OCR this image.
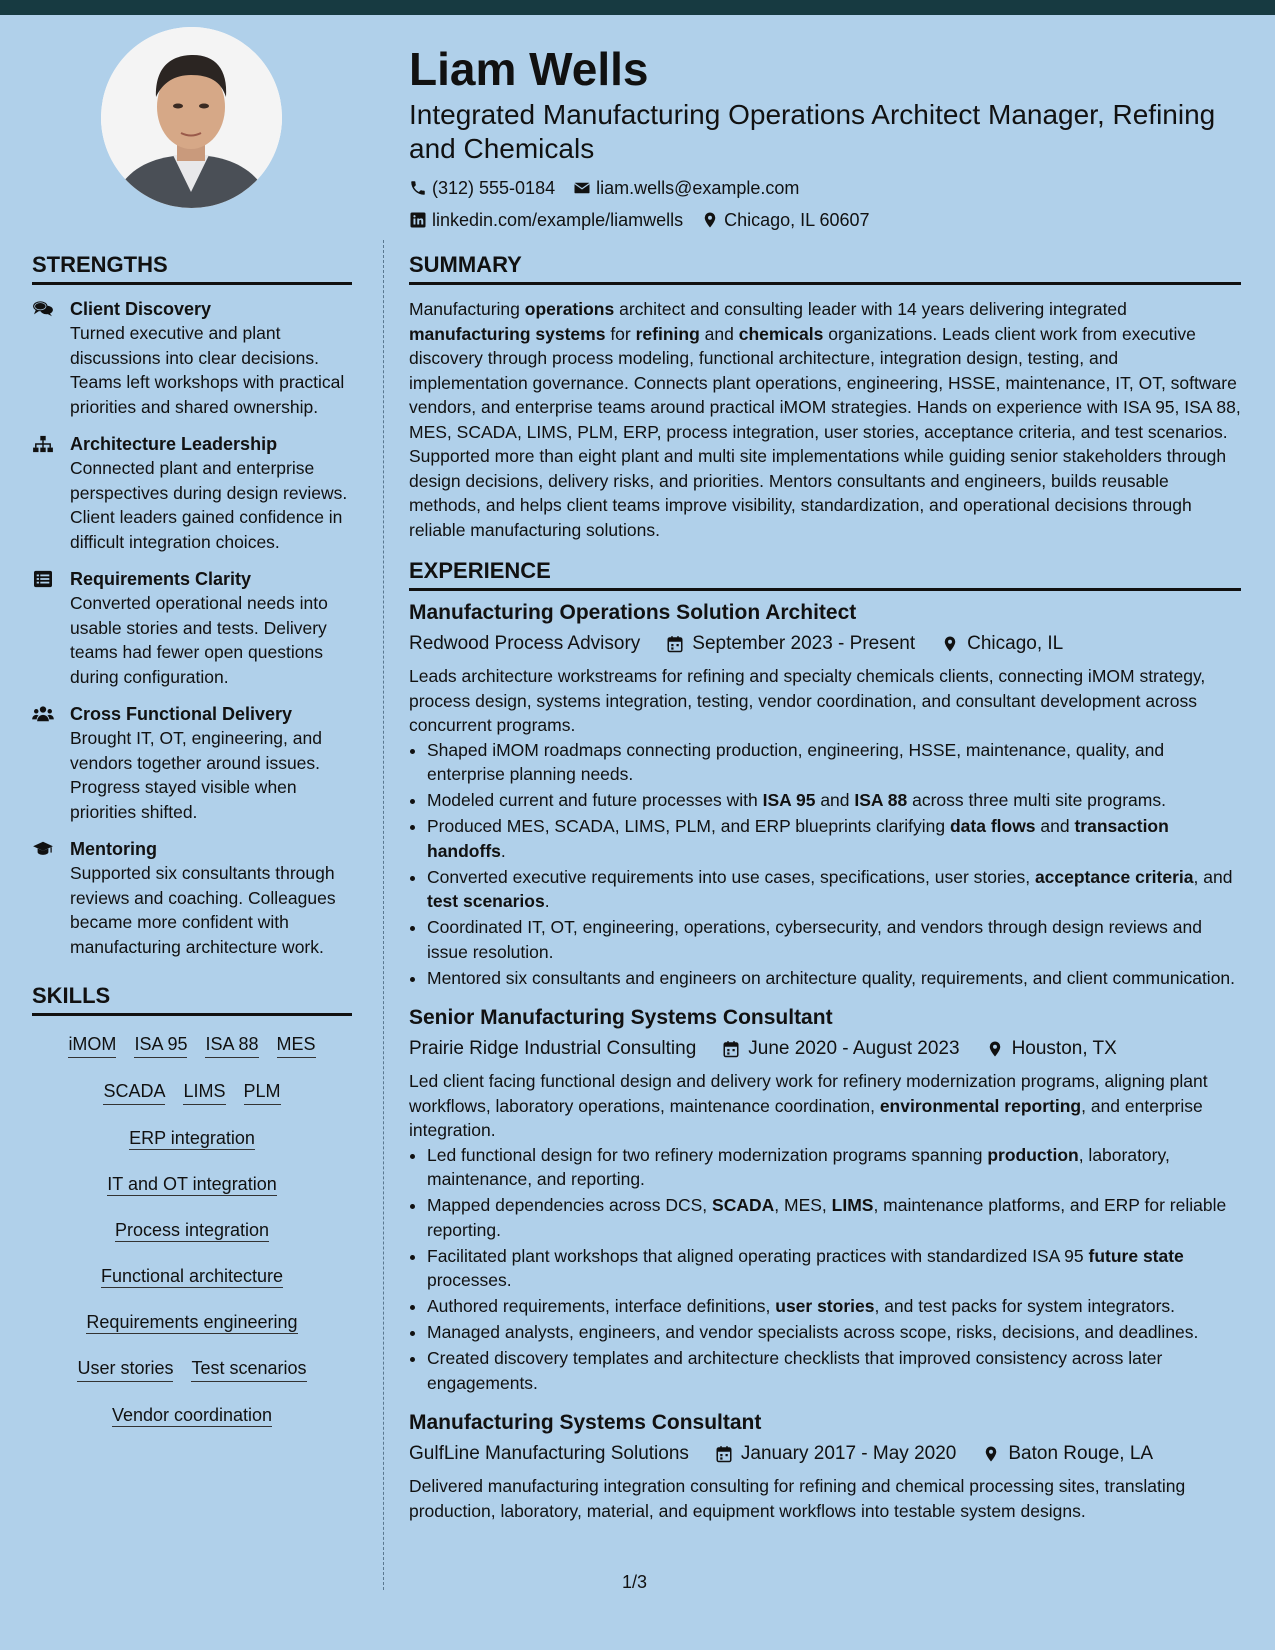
Liam Wells
Integrated Manufacturing Operations Architect Manager, Refining and Chemicals
(312) 555-0184 liam.wells@example.com
linkedin.com/example/liamwells Chicago, IL 60607
STRENGTHS
Client Discovery
Turned executive and plant discussions into clear decisions. Teams left workshops with practical priorities and shared ownership.
Architecture Leadership
Connected plant and enterprise perspectives during design reviews. Client leaders gained confidence in difficult integration choices.
Requirements Clarity
Converted operational needs into usable stories and tests. Delivery teams had fewer open questions during configuration.
Cross Functional Delivery
Brought IT, OT, engineering, and vendors together around issues. Progress stayed visible when priorities shifted.
Mentoring
Supported six consultants through reviews and coaching. Colleagues became more confident with manufacturing architecture work.
SKILLS
iMOM ISA 95 ISA 88 MES
SCADA LIMS PLM
ERP integration
IT and OT integration
Process integration
Functional architecture
Requirements engineering
User stories Test scenarios
Vendor coordination
SUMMARY

Manufacturing operations architect and consulting leader with 14 years delivering integrated manufacturing systems for refining and chemicals organizations. Leads client work from executive discovery through process modeling, functional architecture, integration design, testing, and implementation governance. Connects plant operations, engineering, HSSE, maintenance, IT, OT, software vendors, and enterprise teams around practical iMOM strategies. Hands on experience with ISA 95, ISA 88, MES, SCADA, LIMS, PLM, ERP, process integration, user stories, acceptance criteria, and test scenarios. Supported more than eight plant and multi site implementations while guiding senior stakeholders through design decisions, delivery risks, and priorities. Mentors consultants and engineers, builds reusable methods, and helps client teams improve visibility, standardization, and operational decisions through reliable manufacturing solutions.

EXPERIENCE
Manufacturing Operations Solution Architect
Redwood Process Advisory	September 2023 - Present	Chicago, IL

Leads architecture workstreams for refining and specialty chemicals clients, connecting iMOM strategy, process design, systems integration, testing, vendor coordination, and consultant development across concurrent programs.

• Shaped iMOM roadmaps connecting production, engineering, HSSE, maintenance, quality, and enterprise planning needs.
• Modeled current and future processes with ISA 95 and ISA 88 across three multi site programs.
• Produced MES, SCADA, LIMS, PLM, and ERP blueprints clarifying data flows and transaction handoffs.
• Converted executive requirements into use cases, specifications, user stories, acceptance criteria, and test scenarios.
• Coordinated IT, OT, engineering, operations, cybersecurity, and vendors through design reviews and issue resolution.
• Mentored six consultants and engineers on architecture quality, requirements, and client communication.
Senior Manufacturing Systems Consultant
Prairie Ridge Industrial Consulting	June 2020 - August 2023	Houston, TX

Led client facing functional design and delivery work for refinery modernization programs, aligning plant workflows, laboratory operations, maintenance coordination, environmental reporting, and enterprise integration.

• Led functional design for two refinery modernization programs spanning production, laboratory, maintenance, and reporting.
• Mapped dependencies across DCS, SCADA, MES, LIMS, maintenance platforms, and ERP for reliable reporting.
• Facilitated plant workshops that aligned operating practices with standardized ISA 95 future state processes.
• Authored requirements, interface definitions, user stories, and test packs for system integrators.
• Managed analysts, engineers, and vendor specialists across scope, risks, decisions, and deadlines.
• Created discovery templates and architecture checklists that improved consistency across later engagements.
Manufacturing Systems Consultant
GulfLine Manufacturing Solutions	January 2017 - May 2020	Baton Rouge, LA

Delivered manufacturing integration consulting for refining and chemical processing sites, translating production, laboratory, material, and equipment workflows into testable system designs.

1/3
